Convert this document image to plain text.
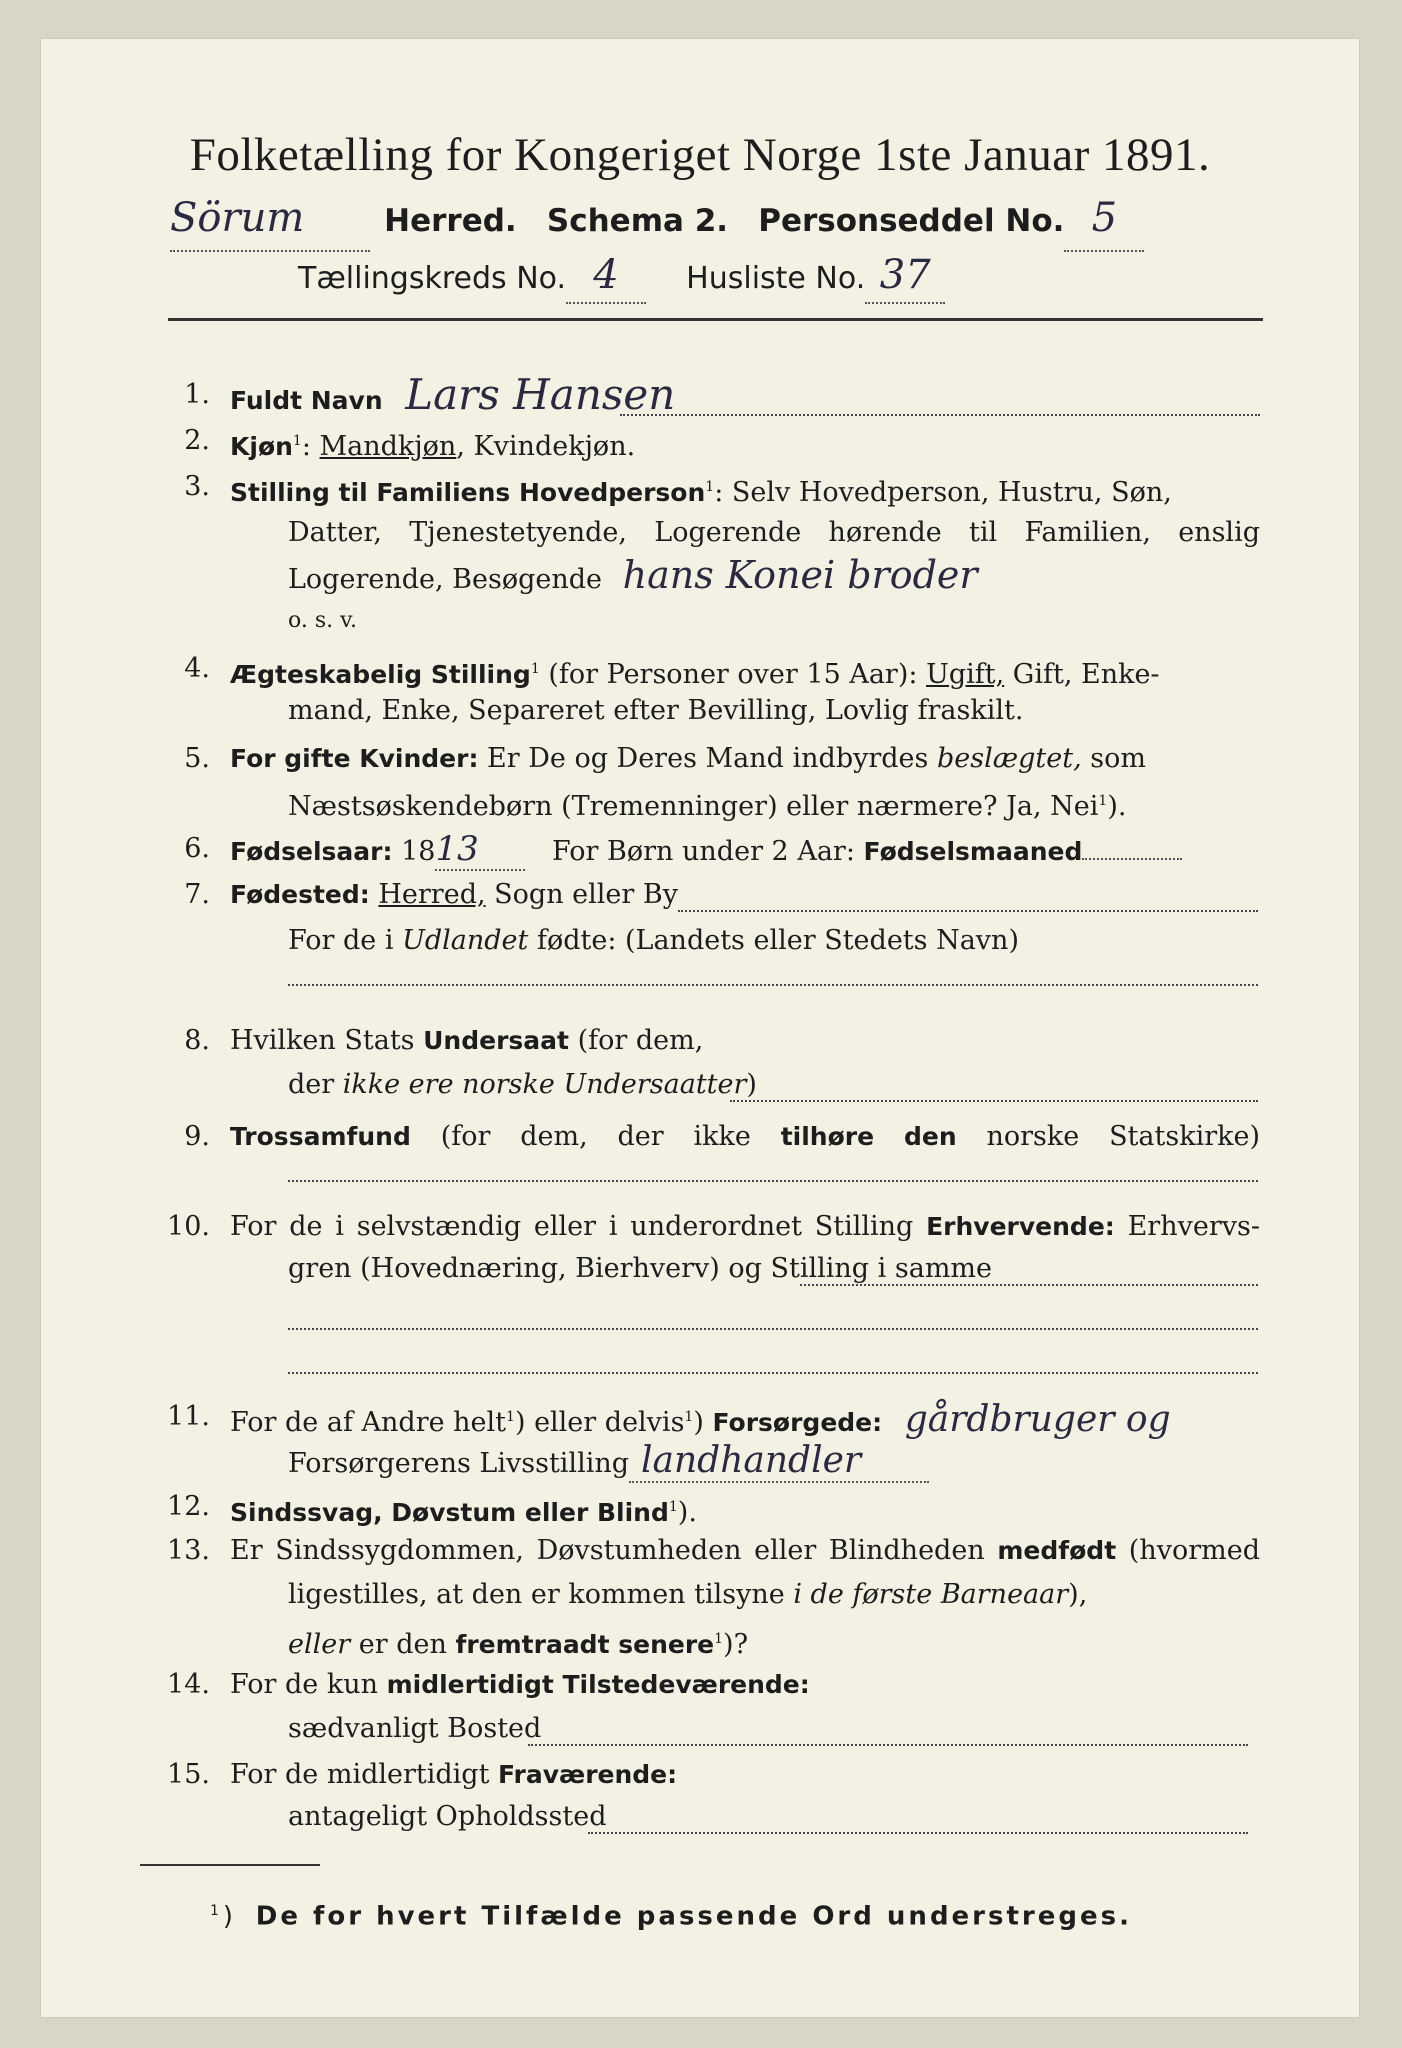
Folketælling for Kongeriget Norge 1ste Januar 1891.
Sörum	Herred. Schema 2. Personseddel No. 5
Tællingskreds No. 4 Husliste No. 37
1. Fuldt Navn Lars Hansen
2. Kjøn$^1$: Mandkjøn, Kvindekjøn.
3. Stilling til Familiens Hovedperson$^1$: Selv Hovedperson, Hustru, Søn,
Datter, Tjenestetyende, Logerende hørende til Familien, enslig
Logerende, Besøgende hans Konei broder
o. s. v.
4. Ægteskabelig Stilling$^1$ (for Personer over 15 Aar): Ugift, Gift, Enke-
mand, Enke, Separeret efter Bevilling, Lovlig fraskilt.
5. For gifte Kvinder: Er De og Deres Mand indbyrdes beslægtet, som
Næstsøskendebørn (Tremenninger) eller nærmere? Ja, Nei$^1$).
6. Fødselsaar: 1813	For Børn under 2 Aar: Fødselsmaaned
7. Fødested: Herred, Sogn eller By
For de i Udlandet fødte: (Landets eller Stedets Navn)
8. Hvilken Stats Undersaat (for dem,
der ikke ere norske Undersaatter)
9. Trossamfund (for dem, der ikke tilhøre den norske Statskirke)
10. For de i selvstændig eller i underordnet Stilling Erhvervende: Erhvervs-
gren (Hovednæring, Bierhverv) og Stilling i samme
11. For de af Andre helt$^1$) eller delvis$^1$) Forsørgede: gårdbruger og
Forsørgerens Livsstilling landhandler
12. Sindssvag, Døvstum eller Blind$^1$).
13. Er Sindssygdommen, Døvstumheden eller Blindheden medfødt (hvormed
ligestilles, at den er kommen tilsyne i de første Barneaar),
eller er den fremtraadt senere$^1$)?
14. For de kun midlertidigt Tilstedeværende:
sædvanligt Bosted
15. For de midlertidigt Fraværende:
antageligt Opholdssted
$^1$) De for hvert Tilfælde passende Ord understreges.
